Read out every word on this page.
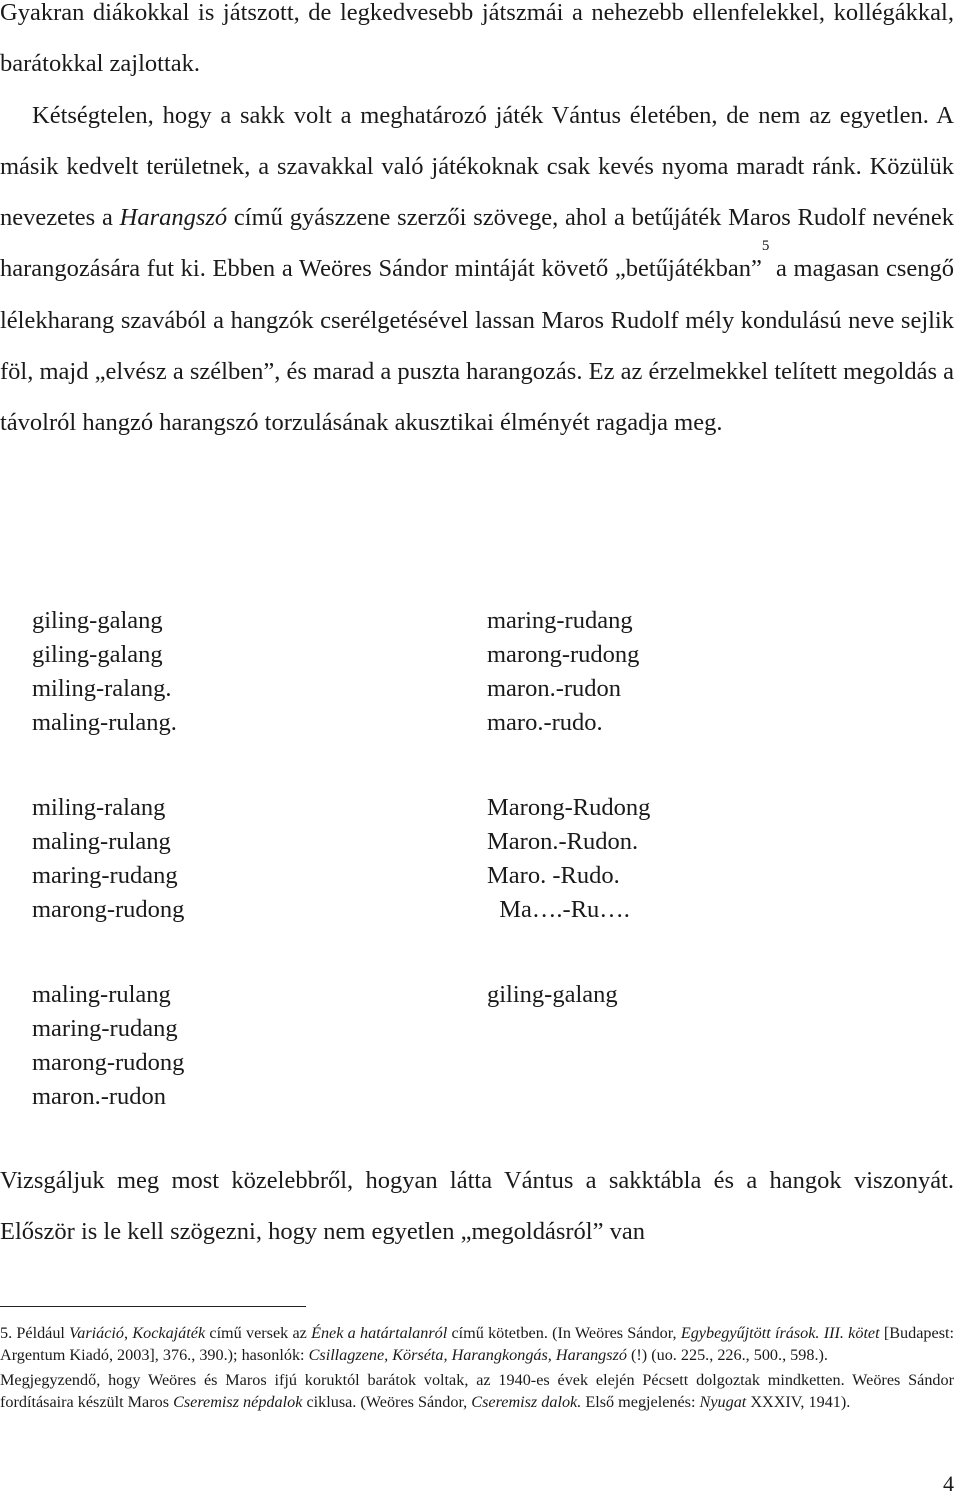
Gyakran diákokkal is játszott, de legkedvesebb játszmái a nehezebb ellenfelekkel, kollégákkal, barátokkal zajlottak.
Kétségtelen, hogy a sakk volt a meghatározó játék Vántus életében, de nem az egyetlen. A másik kedvelt területnek, a szavakkal való játékoknak csak kevés nyoma maradt ránk. Közülük nevezetes a Harangszó című gyászzene szerzői szövege, ahol a betűjáték Maros Rudolf nevének harangozására fut ki. Ebben a Weöres Sándor mintáját követő „betűjátékban”$^5$ a magasan csengő lélekharang szavából a hangzók cserélgetésével lassan Maros Rudolf mély kondulású neve sejlik föl, majd „elvész a szélben”, és marad a puszta harangozás. Ez az érzelmekkel telített megoldás a távolról hangzó harangszó torzulásának akusztikai élményét ragadja meg.

giling-galang
giling-galang
miling-ralang.
maling-rulang.
miling-ralang
maling-rulang
maring-rudang
marong-rudong
maling-rulang
maring-rudang
marong-rudong
maron.-rudon
maring-rudang
marong-rudong
maron.-rudon
maro.-rudo.
Marong-Rudong
Maron.-Rudon.
Maro. -Rudo.
Ma….-Ru….
giling-galang

Vizsgáljuk meg most közelebbről, hogyan látta Vántus a sakktábla és a hangok viszonyát. Először is le kell szögezni, hogy nem egyetlen „megoldásról” van

5. Például Variáció, Kockajáték című versek az Ének a határtalanról című kötetben. (In Weöres Sándor, Egybegyűjtött írások. III. kötet [Budapest: Argentum Kiadó, 2003], 376., 390.); hasonlók: Csillagzene, Körséta, Harangkongás, Harangszó (!) (uo. 225., 226., 500., 598.).

Megjegyzendő, hogy Weöres és Maros ifjú koruktól barátok voltak, az 1940-es évek elején Pécsett dolgoztak mindketten. Weöres Sándor fordításaira készült Maros Cseremisz népdalok ciklusa. (Weöres Sándor, Cseremisz dalok. Első megjelenés: Nyugat XXXIV, 1941).

4
